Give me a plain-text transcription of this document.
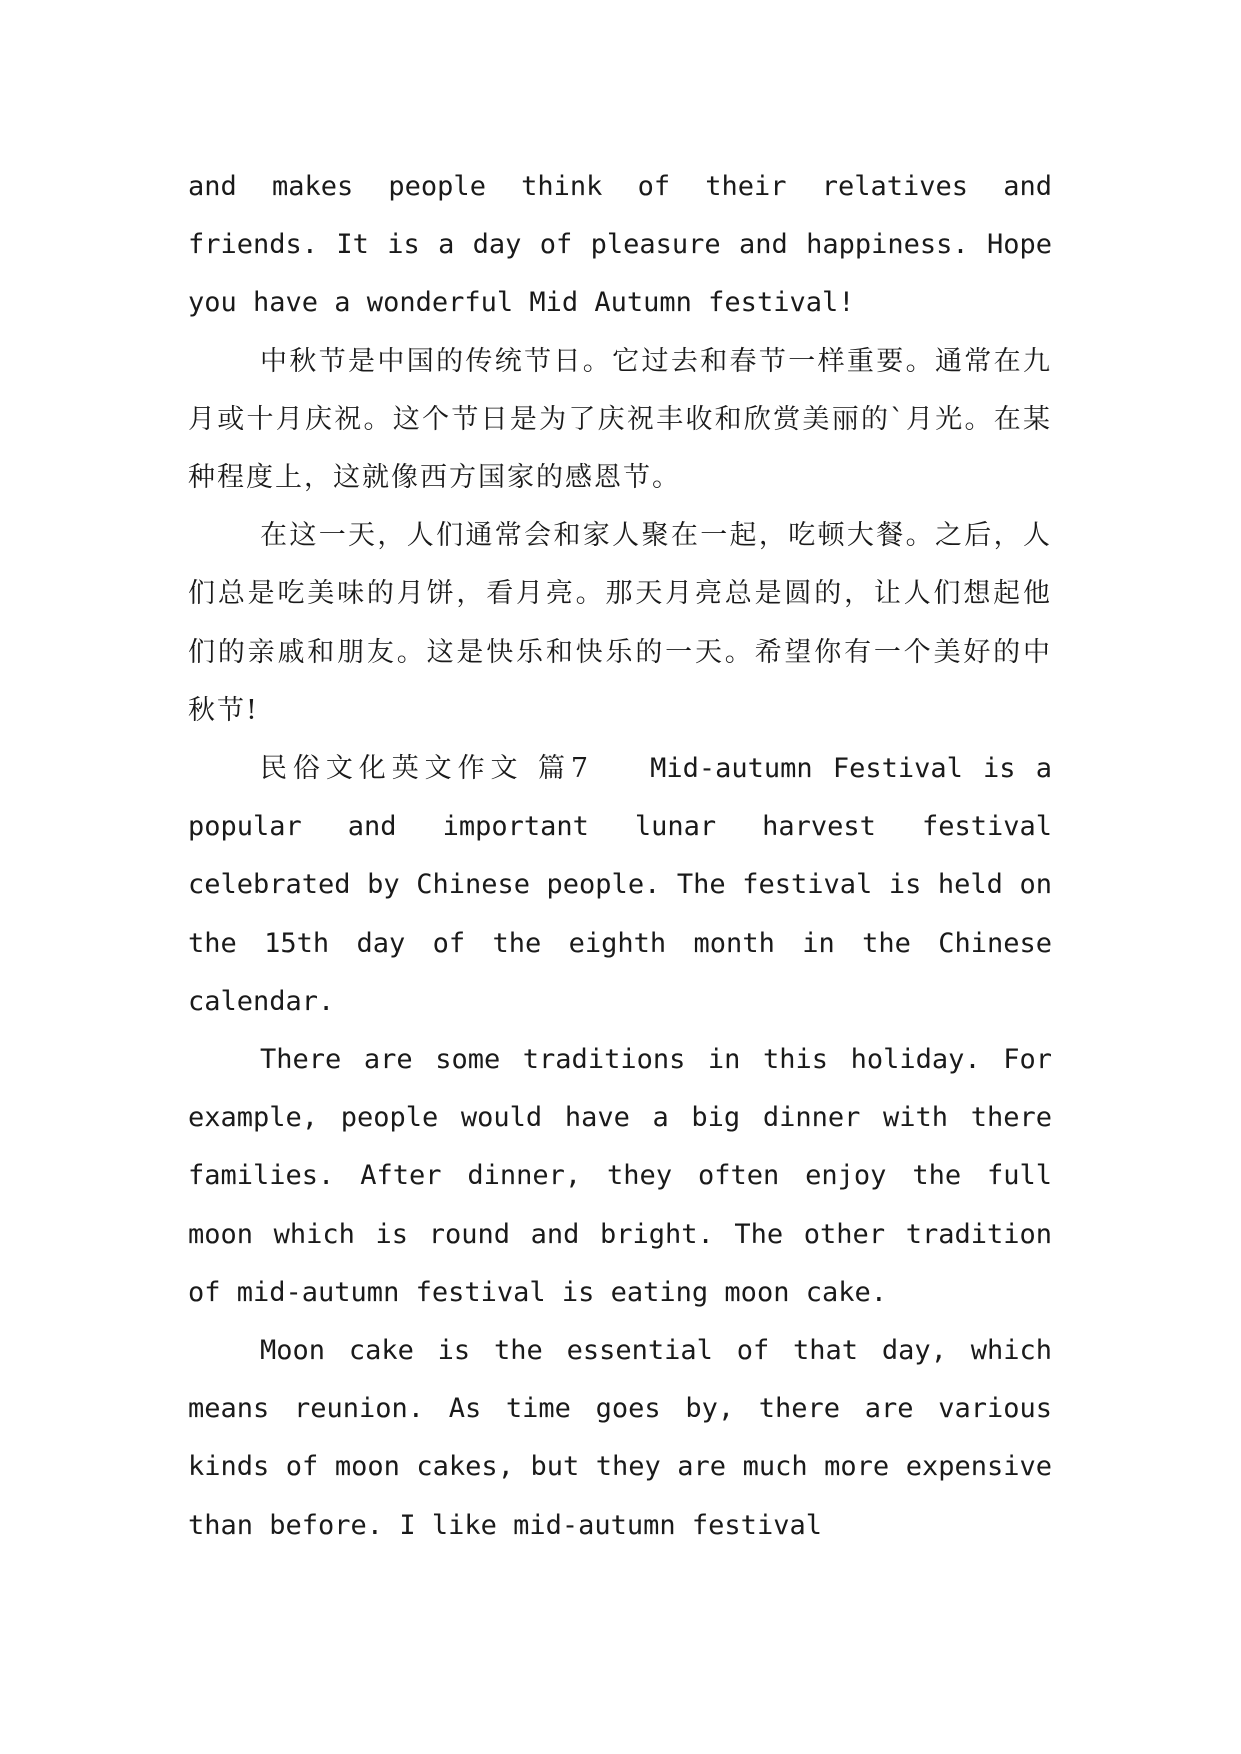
and makes people think of their relatives and friends. It is a day of pleasure and happiness. Hope you have a wonderful Mid Autumn festival!

中秋节是中国的传统节日。它过去和春节一样重要。通常在九月或十月庆祝。这个节日是为了庆祝丰收和欣赏美丽的`月光。在某种程度上，这就像西方国家的感恩节。

在这一天，人们通常会和家人聚在一起，吃顿大餐。之后，人们总是吃美味的月饼，看月亮。那天月亮总是圆的，让人们想起他们的亲戚和朋友。这是快乐和快乐的一天。希望你有一个美好的中秋节!

民俗文化英文作文 篇7 Mid-autumn Festival is a popular and important lunar harvest festival celebrated by Chinese people. The festival is held on the 15th day of the eighth month in the Chinese calendar.

There are some traditions in this holiday. For example, people would have a big dinner with there families. After dinner, they often enjoy the full moon which is round and bright. The other tradition of mid-autumn festival is eating moon cake.

Moon cake is the essential of that day, which means reunion. As time goes by, there are various kinds of moon cakes, but they are much more expensive than before. I like mid-autumn festival
